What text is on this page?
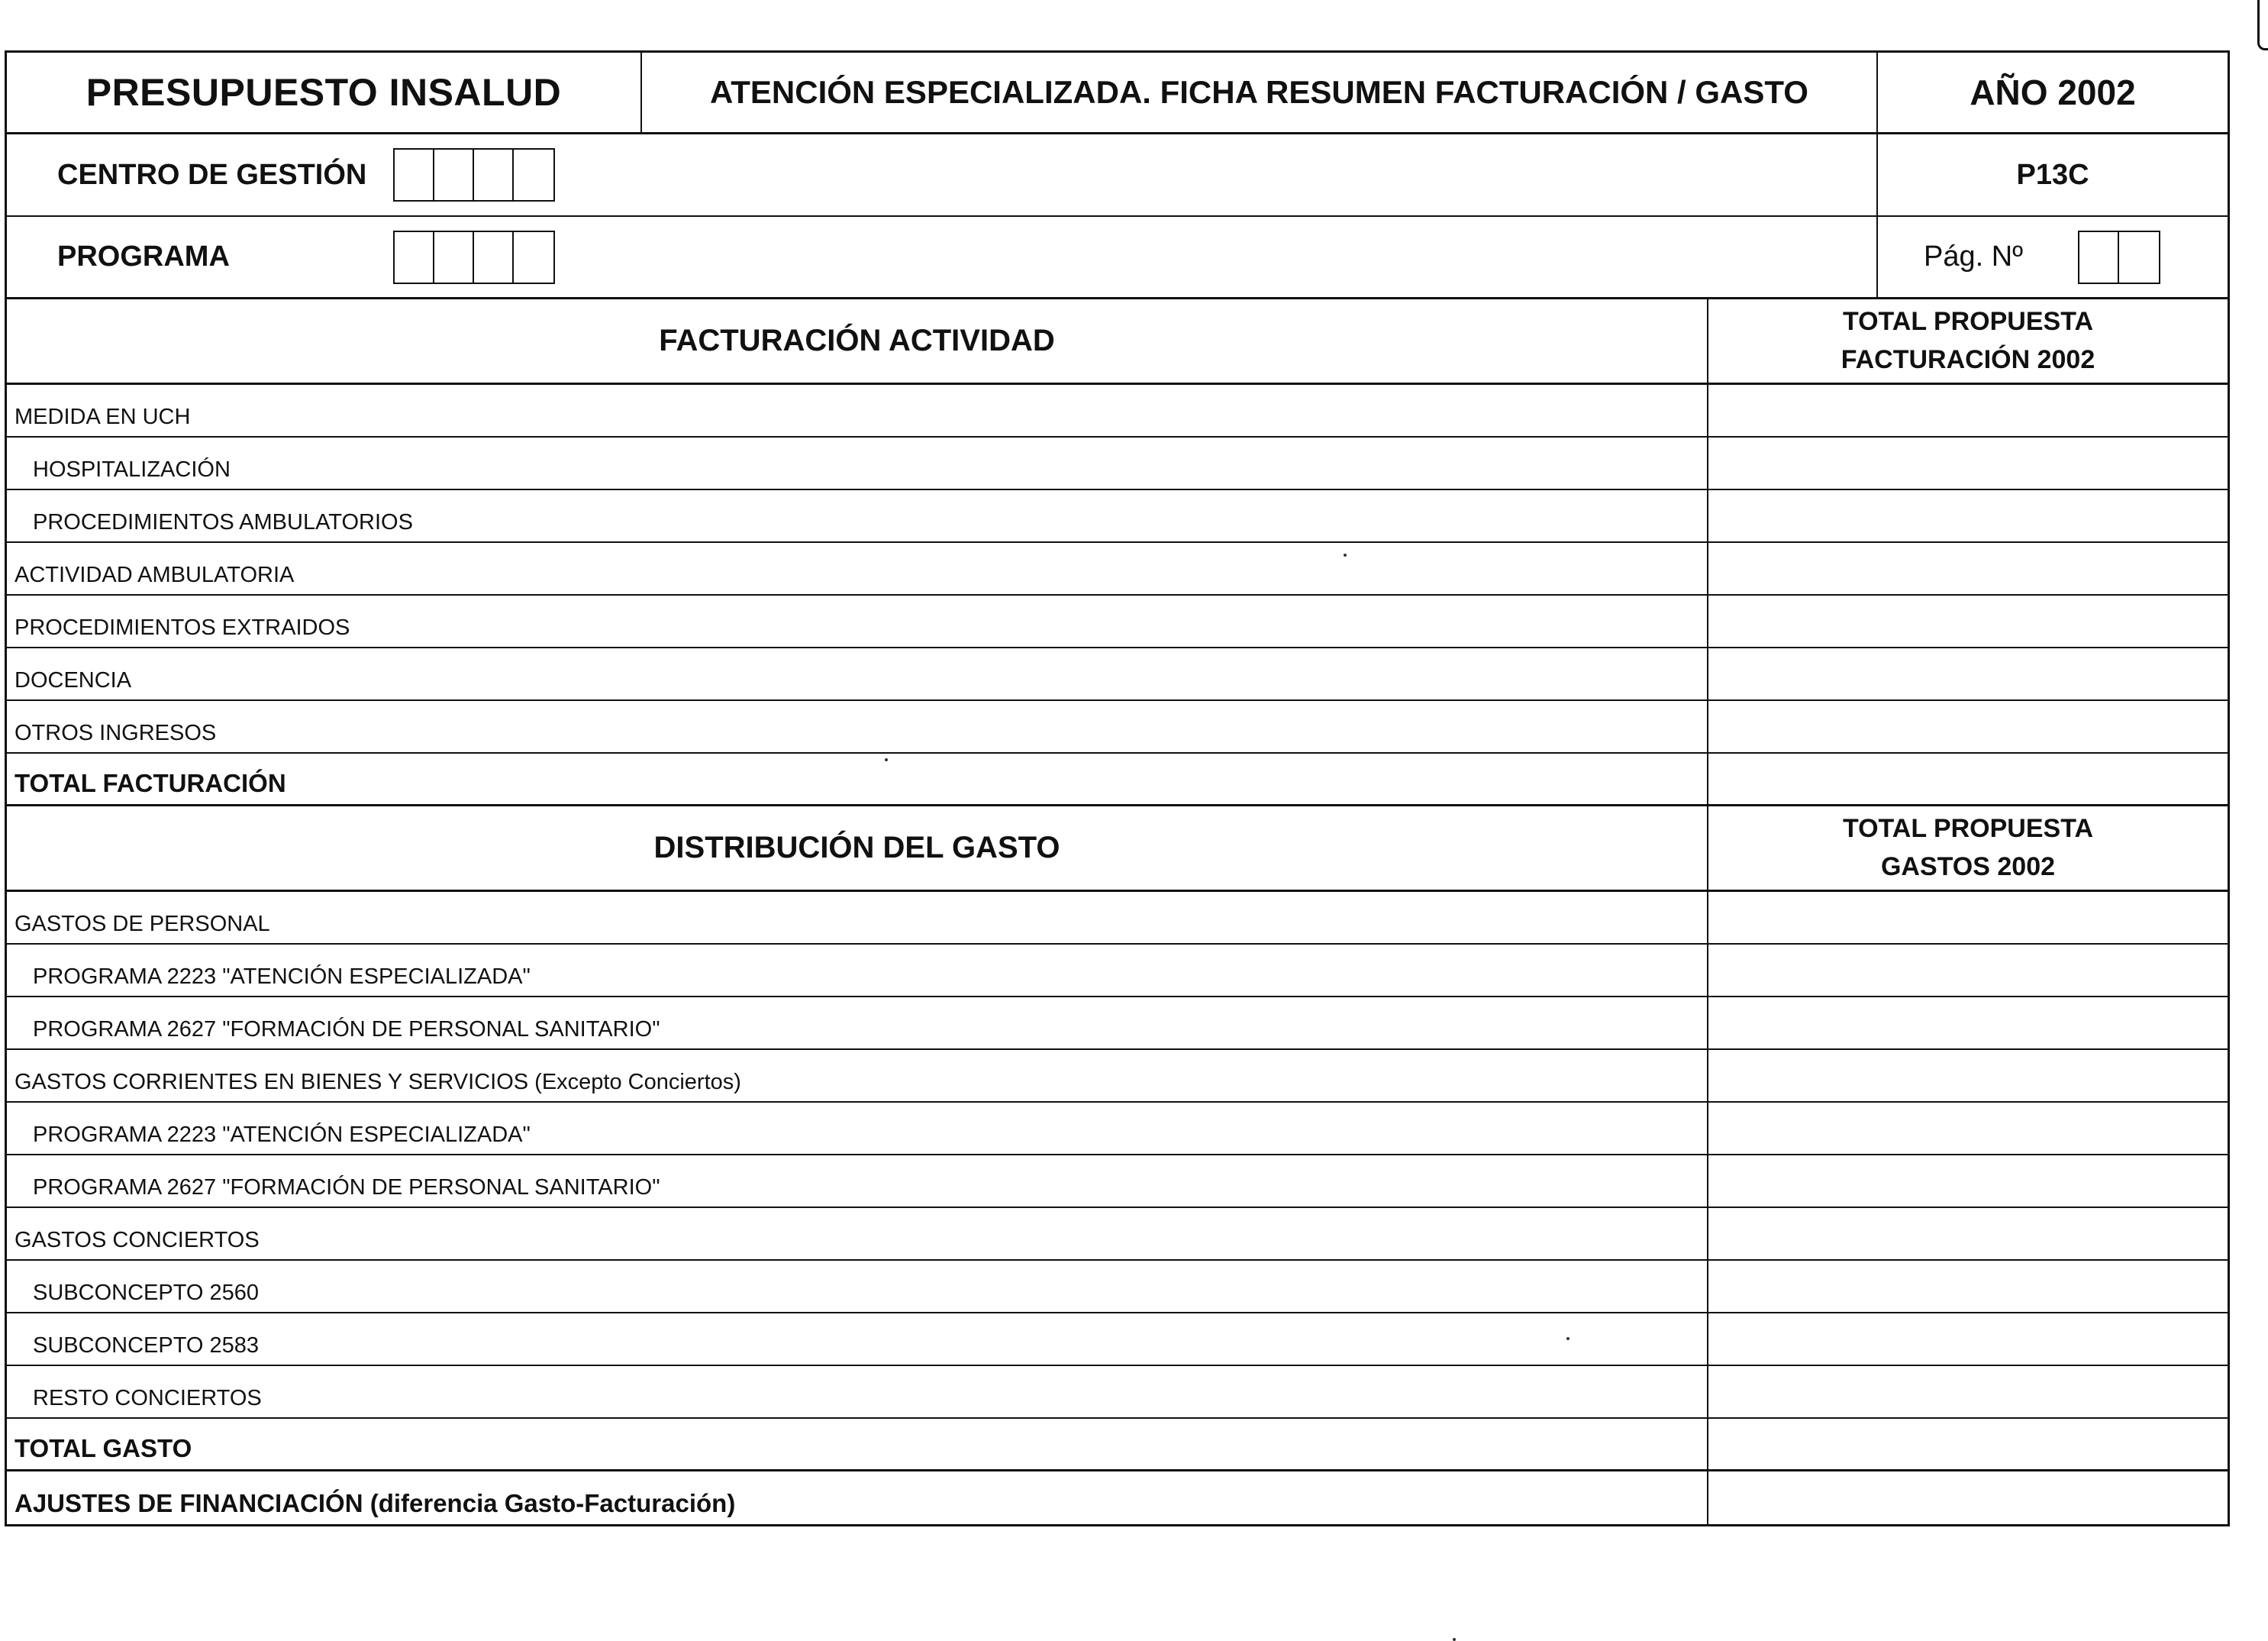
PRESUPUESTO INSALUD	ATENCIÓN ESPECIALIZADA. FICHA RESUMEN FACTURACIÓN / GASTO	AÑO 2002
CENTRO DE GESTIÓN	P13C
PROGRAMA	Pág. Nº
FACTURACIÓN ACTIVIDAD
TOTAL PROPUESTA
FACTURACIÓN 2002
MEDIDA EN UCH
HOSPITALIZACIÓN
PROCEDIMIENTOS AMBULATORIOS
ACTIVIDAD AMBULATORIA
PROCEDIMIENTOS EXTRAIDOS
DOCENCIA
OTROS INGRESOS
TOTAL FACTURACIÓN
DISTRIBUCIÓN DEL GASTO
TOTAL PROPUESTA
GASTOS 2002
GASTOS DE PERSONAL
PROGRAMA 2223 "ATENCIÓN ESPECIALIZADA"
PROGRAMA 2627 "FORMACIÓN DE PERSONAL SANITARIO"
GASTOS CORRIENTES EN BIENES Y SERVICIOS (Excepto Conciertos)
PROGRAMA 2223 "ATENCIÓN ESPECIALIZADA"
PROGRAMA 2627 "FORMACIÓN DE PERSONAL SANITARIO"
GASTOS CONCIERTOS
SUBCONCEPTO 2560
SUBCONCEPTO 2583
RESTO CONCIERTOS
TOTAL GASTO
AJUSTES DE FINANCIACIÓN (diferencia Gasto-Facturación)
